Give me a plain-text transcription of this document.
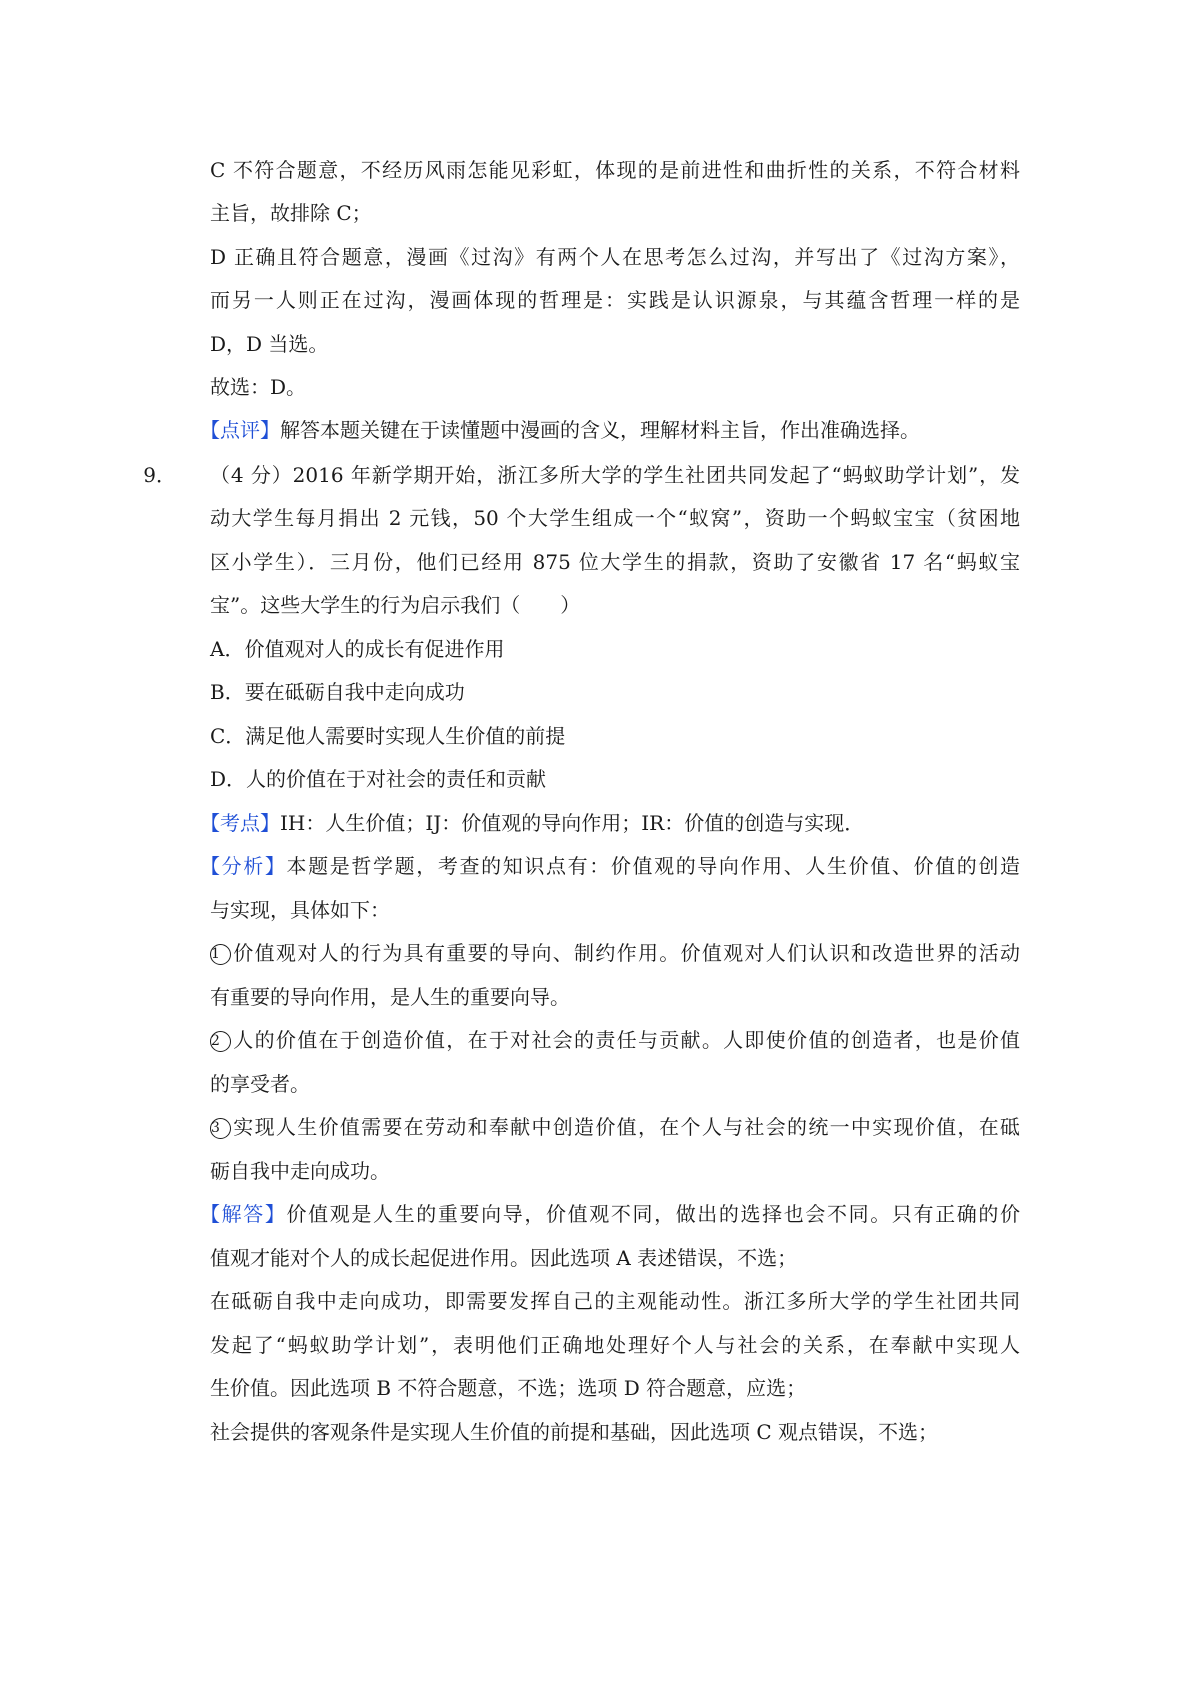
C 不符合题意，不经历风雨怎能见彩虹，体现的是前进性和曲折性的关系，不符合材料
主旨，故排除 C；
D 正确且符合题意，漫画《过沟》有两个人在思考怎么过沟，并写出了《过沟方案》，
而另一人则正在过沟，漫画体现的哲理是：实践是认识源泉，与其蕴含哲理一样的是
D，D 当选。
故选：D。
【点评】解答本题关键在于读懂题中漫画的含义，理解材料主旨，作出准确选择。
9． （4 分）2016 年新学期开始，浙江多所大学的学生社团共同发起了“蚂蚁助学计划”，发
动大学生每月捐出 2 元钱，50 个大学生组成一个“蚁窝”，资助一个蚂蚁宝宝（贫困地
区小学生）．三月份，他们已经用 875 位大学生的捐款，资助了安徽省 17 名“蚂蚁宝
宝”。这些大学生的行为启示我们（　　）
A．价值观对人的成长有促进作用
B．要在砥砺自我中走向成功
C．满足他人需要时实现人生价值的前提
D．人的价值在于对社会的责任和贡献
【考点】IH：人生价值；IJ：价值观的导向作用；IR：价值的创造与实现．
【分析】本题是哲学题，考查的知识点有：价值观的导向作用、人生价值、价值的创造
与实现，具体如下：
1 价值观对人的行为具有重要的导向、制约作用。价值观对人们认识和改造世界的活动
有重要的导向作用，是人生的重要向导。
2 人的价值在于创造价值，在于对社会的责任与贡献。人即使价值的创造者，也是价值
的享受者。
3 实现人生价值需要在劳动和奉献中创造价值，在个人与社会的统一中实现价值，在砥
砺自我中走向成功。
【解答】价值观是人生的重要向导，价值观不同，做出的选择也会不同。只有正确的价
值观才能对个人的成长起促进作用。因此选项 A 表述错误，不选；
在砥砺自我中走向成功，即需要发挥自己的主观能动性。浙江多所大学的学生社团共同
发起了“蚂蚁助学计划”，表明他们正确地处理好个人与社会的关系，在奉献中实现人
生价值。因此选项 B 不符合题意，不选；选项 D 符合题意，应选；
社会提供的客观条件是实现人生价值的前提和基础，因此选项 C 观点错误，不选；
